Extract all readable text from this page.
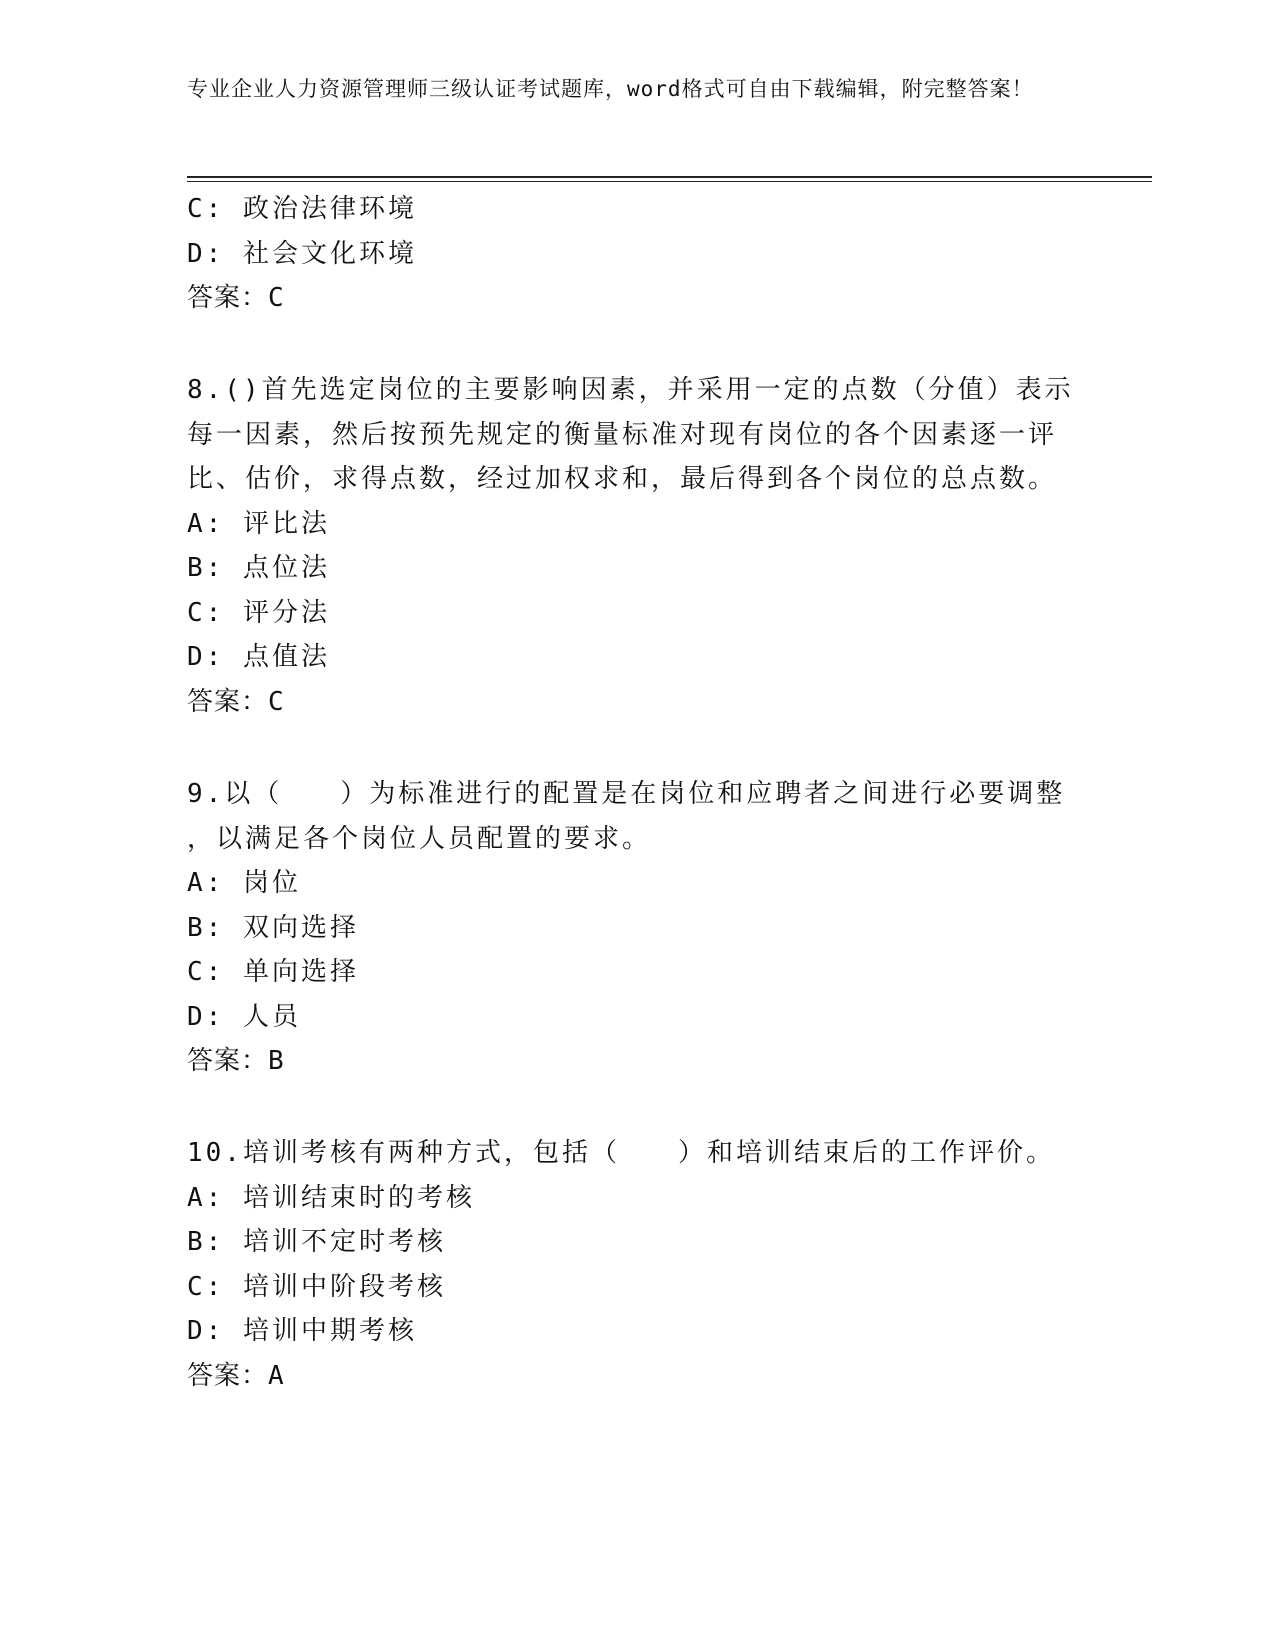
专业企业人力资源管理师三级认证考试题库，word格式可自由下载编辑，附完整答案！
C: 政治法律环境
D: 社会文化环境
答案：C
8.()首先选定岗位的主要影响因素，并采用一定的点数（分值）表示
每一因素，然后按预先规定的衡量标准对现有岗位的各个因素逐一评
比、估价，求得点数，经过加权求和，最后得到各个岗位的总点数。
A: 评比法
B: 点位法
C: 评分法
D: 点值法
答案：C
9.以（　　）为标准进行的配置是在岗位和应聘者之间进行必要调整
，以满足各个岗位人员配置的要求。
A: 岗位
B: 双向选择
C: 单向选择
D: 人员
答案：B
10.培训考核有两种方式，包括（　　）和培训结束后的工作评价。
A: 培训结束时的考核
B: 培训不定时考核
C: 培训中阶段考核
D: 培训中期考核
答案：A
